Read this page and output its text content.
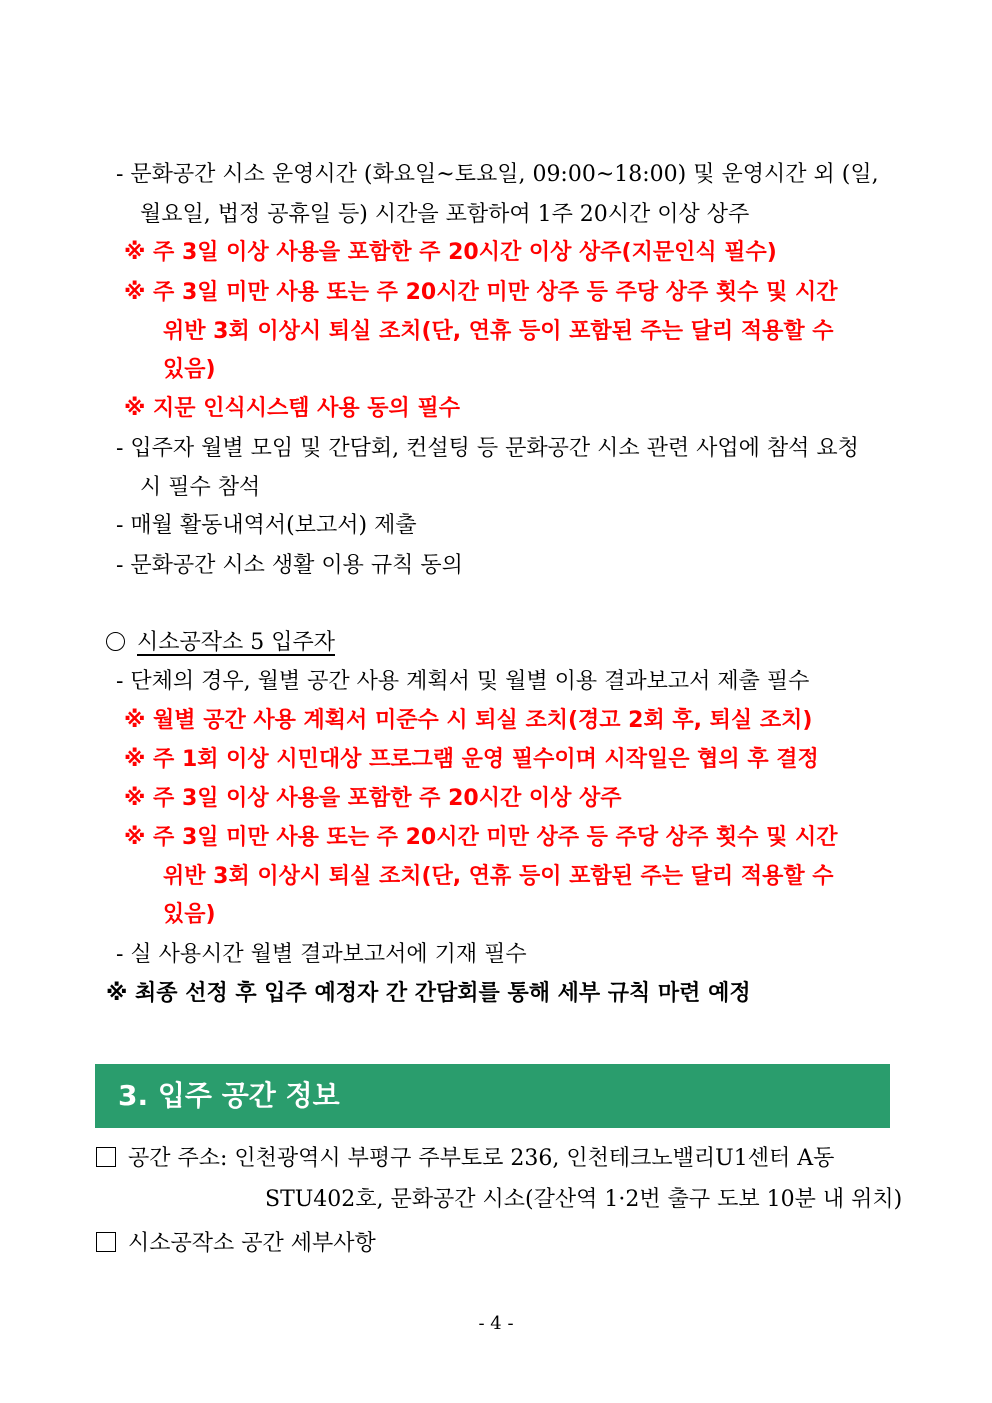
- 문화공간 시소 운영시간 (화요일~토요일, 09:00~18:00) 및 운영시간 외 (일,
월요일, 법정 공휴일 등) 시간을 포함하여 1주 20시간 이상 상주
※ 주 3일 이상 사용을 포함한 주 20시간 이상 상주(지문인식 필수)
※ 주 3일 미만 사용 또는 주 20시간 미만 상주 등 주당 상주 횟수 및 시간
위반 3회 이상시 퇴실 조치(단, 연휴 등이 포함된 주는 달리 적용할 수
있음)
※ 지문 인식시스템 사용 동의 필수
- 입주자 월별 모임 및 간담회, 컨설팅 등 문화공간 시소 관련 사업에 참석 요청
시 필수 참석
- 매월 활동내역서(보고서) 제출
- 문화공간 시소 생활 이용 규칙 동의
시소공작소 5 입주자
- 단체의 경우, 월별 공간 사용 계획서 및 월별 이용 결과보고서 제출 필수
※ 월별 공간 사용 계획서 미준수 시 퇴실 조치(경고 2회 후, 퇴실 조치)
※ 주 1회 이상 시민대상 프로그램 운영 필수이며 시작일은 협의 후 결정
※ 주 3일 이상 사용을 포함한 주 20시간 이상 상주
※ 주 3일 미만 사용 또는 주 20시간 미만 상주 등 주당 상주 횟수 및 시간
위반 3회 이상시 퇴실 조치(단, 연휴 등이 포함된 주는 달리 적용할 수
있음)
- 실 사용시간 월별 결과보고서에 기재 필수
※ 최종 선정 후 입주 예정자 간 간담회를 통해 세부 규칙 마련 예정
3. 입주 공간 정보
공간 주소: 인천광역시 부평구 주부토로 236, 인천테크노밸리U1센터 A동
STU402호, 문화공간 시소(갈산역 1·2번 출구 도보 10분 내 위치)
시소공작소 공간 세부사항
- 4 -
